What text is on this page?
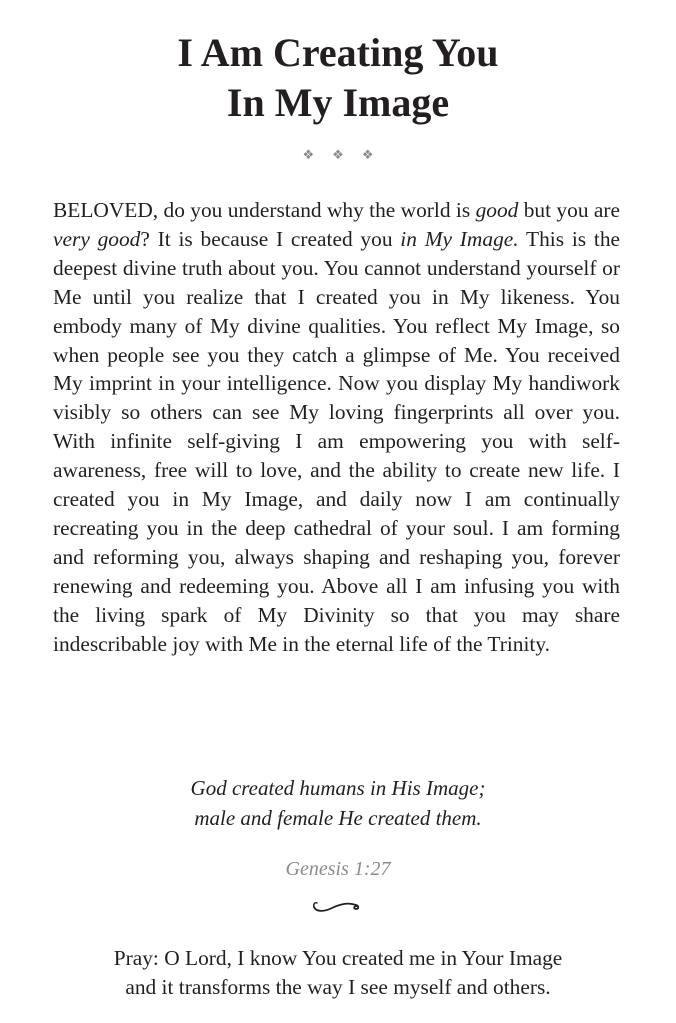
I Am Creating You
In My Image
❖❖❖

BELOVED, do you understand why the world is good but you are very good? It is because I created you in My Image. This is the deepest divine truth about you. You cannot understand yourself or Me until you realize that I created you in My likeness. You embody many of My divine qualities. You reflect My Image, so when people see you they catch a glimpse of Me. You received My imprint in your intelligence. Now you display My handiwork visibly so others can see My loving fingerprints all over you. With infinite self-giving I am empowering you with self-awareness, free will to love, and the ability to create new life. I created you in My Image, and daily now I am continually recreating you in the deep cathedral of your soul. I am forming and reforming you, always shaping and reshaping you, forever renewing and redeeming you. Above all I am infusing you with the living spark of My Divinity so that you may share indescribable joy with Me in the eternal life of the Trinity.

God created humans in His Image;
male and female He created them.

Genesis 1:27

Pray: O Lord, I know You created me in Your Image
and it transforms the way I see myself and others.
